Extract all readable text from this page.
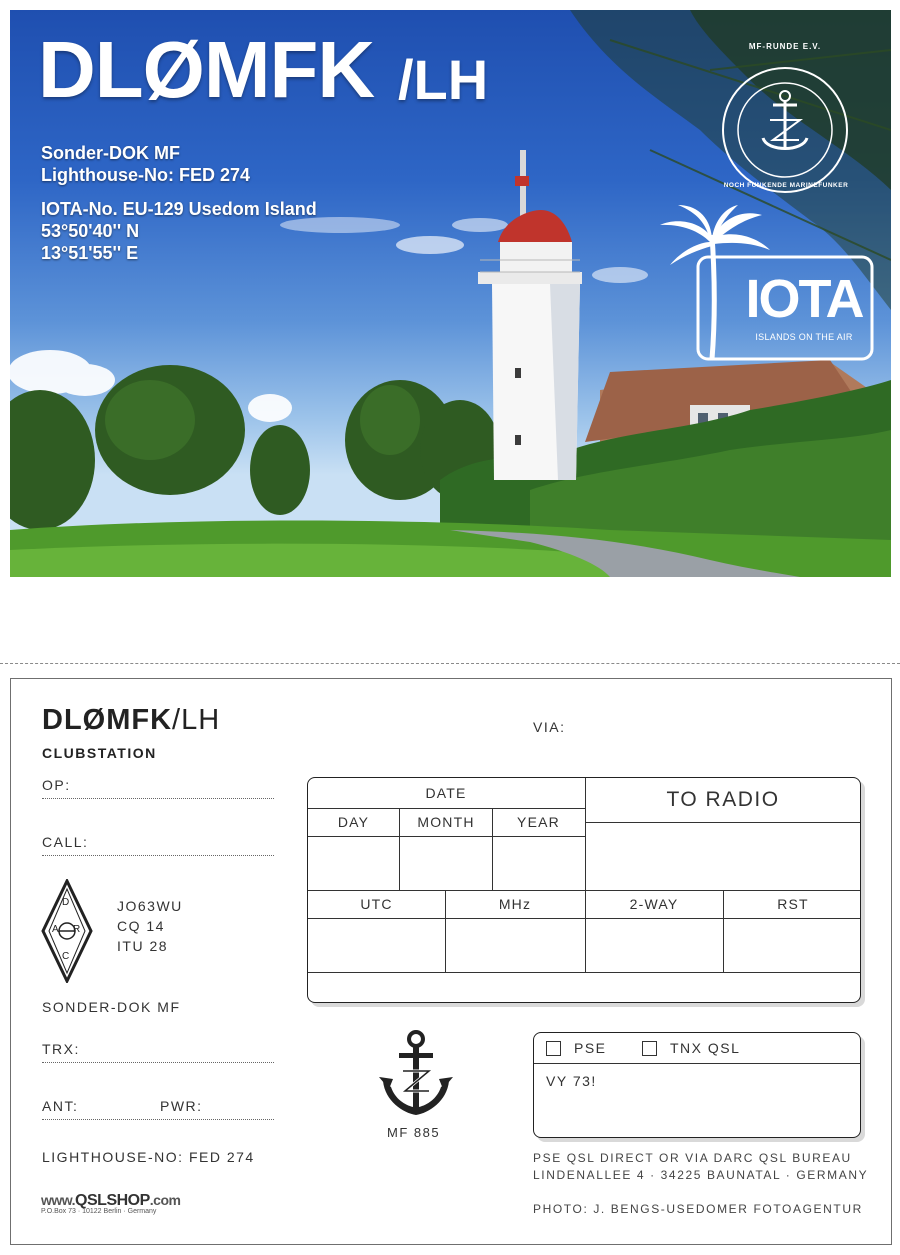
DLØMFK /LH
Sonder-DOK MF
Lighthouse-No: FED 274
IOTA-No. EU-129 Usedom Island
53°50'40'' N
13°51'55'' E
MF-RUNDE E.V.
NOCH FUNKENDE MARINEFUNKER
IOTA
ISLANDS ON THE AIR
DLØMFK/LH
CLUBSTATION
VIA:
OP:
CALL:
D
A R
C
JO63WU
CQ 14
ITU 28
SONDER-DOK MF
TRX:
ANT:	PWR:
LIGHTHOUSE-NO: FED 274
DATE	TO RADIO
DAY	MONTH	YEAR
UTC	MHz	2-WAY	RST
MF 885
PSE	TNX QSL
VY 73!
PSE QSL DIRECT OR VIA DARC QSL BUREAU
LINDENALLEE 4 · 34225 BAUNATAL · GERMANY
PHOTO: J. BENGS-USEDOMER FOTOAGENTUR
www.QSLSHOP.com
P.O.Box 73 · 10122 Berlin · Germany
